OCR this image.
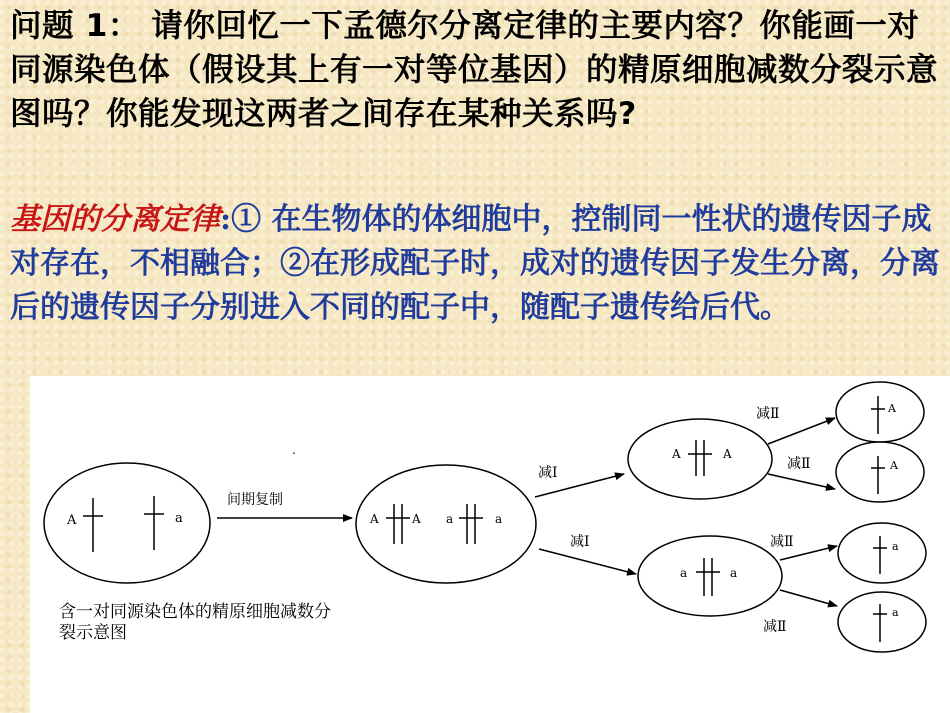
问题 1： 请你回忆一下孟德尔分离定律的主要内容？你能画一对同源染色体（假设其上有一对等位基因）的精原细胞减数分裂示意图吗？你能发现这两者之间存在某种关系吗?
基因的分离定律:① 在生物体的体细胞中，控制同一性状的遗传因子成对存在，不相融合；②在形成配子时，成对的遗传因子发生分离，分离后的遗传因子分别进入不同的配子中，随配子遗传给后代。
.
A	a
间期复制
A	A a	a
减Ⅰ
减Ⅰ
A	A
a	a
减Ⅱ
减Ⅱ
减Ⅱ
减Ⅱ
A
A
a
a
含一对同源染色体的精原细胞减数分
裂示意图
